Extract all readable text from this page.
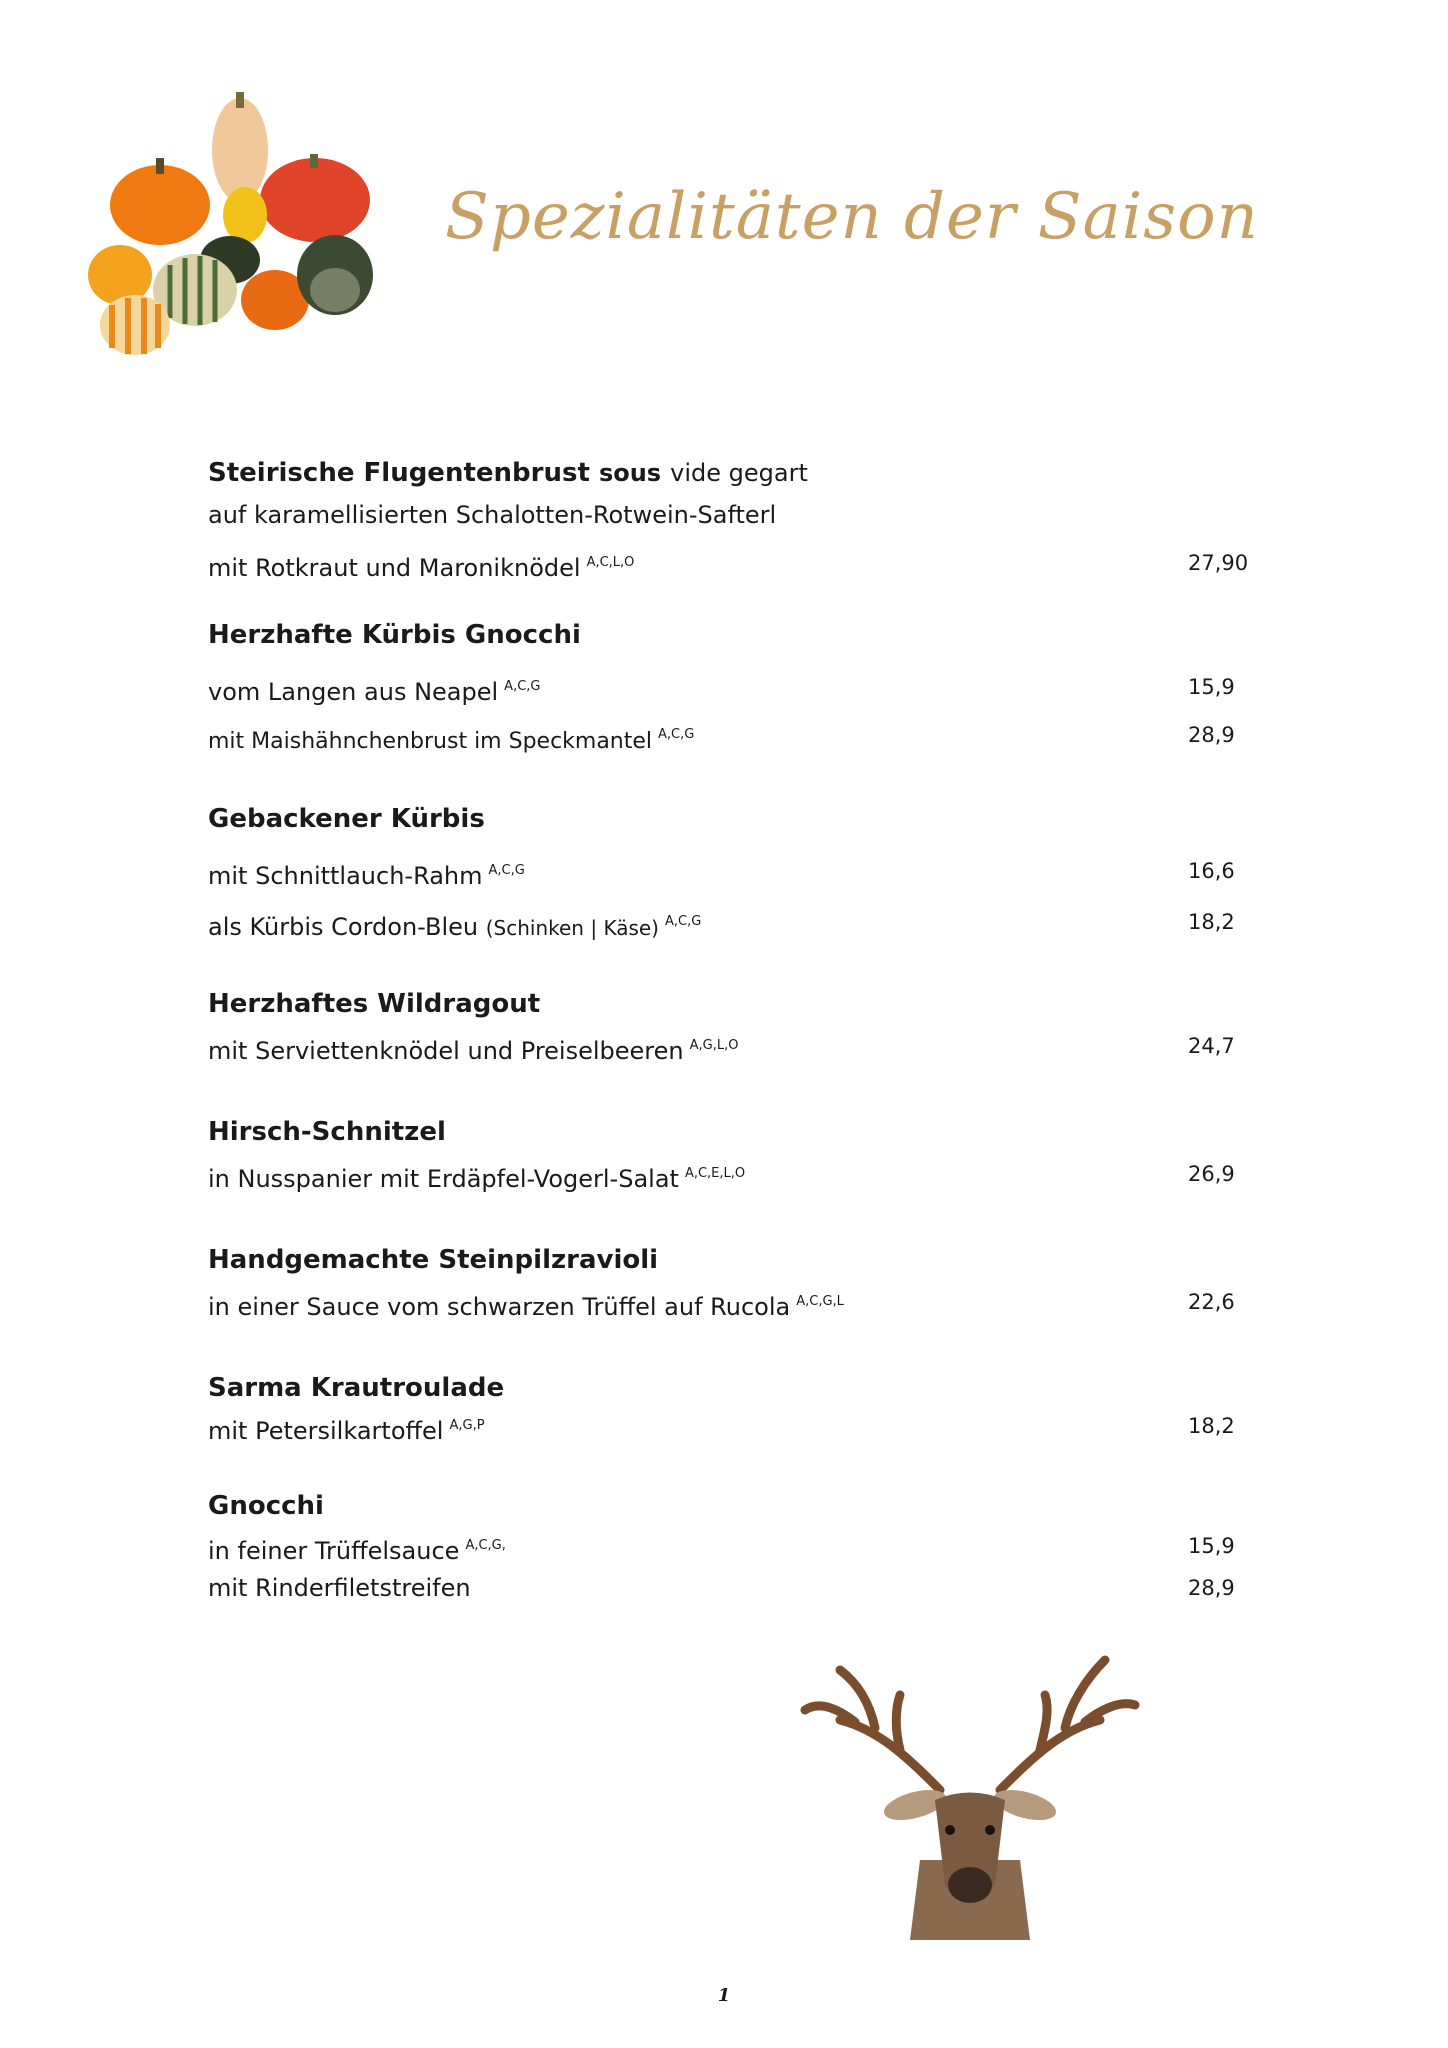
Spezialitäten der Saison
Steirische Flugentenbrust sous vide gegart
auf karamellisierten Schalotten-Rotwein-Safterl
mit Rotkraut und Maroniknödel $^{A,C,L,O}$	27,90
Herzhafte Kürbis Gnocchi
vom Langen aus Neapel $^{A,C,G}$	15,9
mit Maishähnchenbrust im Speckmantel $^{A,C,G}$	28,9
Gebackener Kürbis
mit Schnittlauch-Rahm $^{A,C,G}$	16,6
als Kürbis Cordon-Bleu (Schinken | Käse) $^{A,C,G}$	18,2
Herzhaftes Wildragout
mit Serviettenknödel und Preiselbeeren $^{A,G,L,O}$	24,7
Hirsch-Schnitzel
in Nusspanier mit Erdäpfel-Vogerl-Salat $^{A,C,E,L,O}$	26,9
Handgemachte Steinpilzravioli
in einer Sauce vom schwarzen Trüffel auf Rucola $^{A,C,G,L}$	22,6
Sarma Krautroulade
mit Petersilkartoffel $^{A,G,P}$	18,2
Gnocchi
in feiner Trüffelsauce $^{A,C,G,}$	15,9
mit Rinderfiletstreifen	28,9
1
